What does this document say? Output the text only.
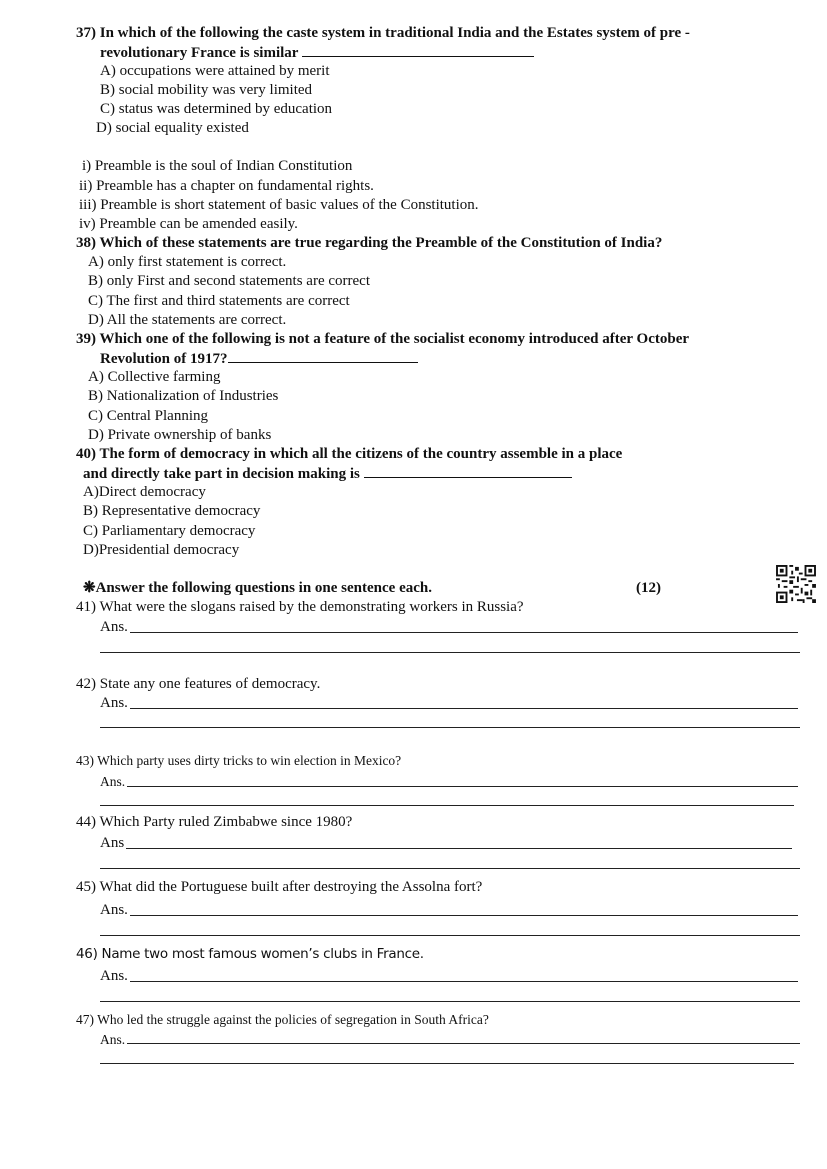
37) In which of the following the caste system in traditional India and the Estates system of pre -
revolutionary France is similar
A) occupations were attained by merit
B) social mobility was very limited
C) status was determined by education
D) social equality existed
i) Preamble is the soul of Indian Constitution
ii) Preamble has a chapter on fundamental rights.
iii) Preamble is short statement of basic values of the Constitution.
iv) Preamble can be amended easily.
38) Which of these statements are true regarding the Preamble of the Constitution of India?
A) only first statement is correct.
B) only First and second statements are correct
C) The first and third statements are correct
D) All the statements are correct.
39) Which one of the following is not a feature of the socialist economy introduced after October
Revolution of 1917?
A) Collective farming
B) Nationalization of Industries
C) Central Planning
D) Private ownership of banks
40) The form of democracy in which all the citizens of the country assemble in a place
and directly take part in decision making is
A)Direct democracy
B) Representative democracy
C) Parliamentary democracy
D)Presidential democracy
❋Answer the following questions in one sentence each.	(12)
41) What were the slogans raised by the demonstrating workers in Russia?
Ans.
42) State any one features of democracy.
Ans.
43) Which party uses dirty tricks to win election in Mexico?
Ans.
44) Which Party ruled Zimbabwe since 1980?
Ans
45) What did the Portuguese built after destroying the Assolna fort?
Ans.
46) Name two most famous women’s clubs in France.
Ans.
47) Who led the struggle against the policies of segregation in South Africa?
Ans.
